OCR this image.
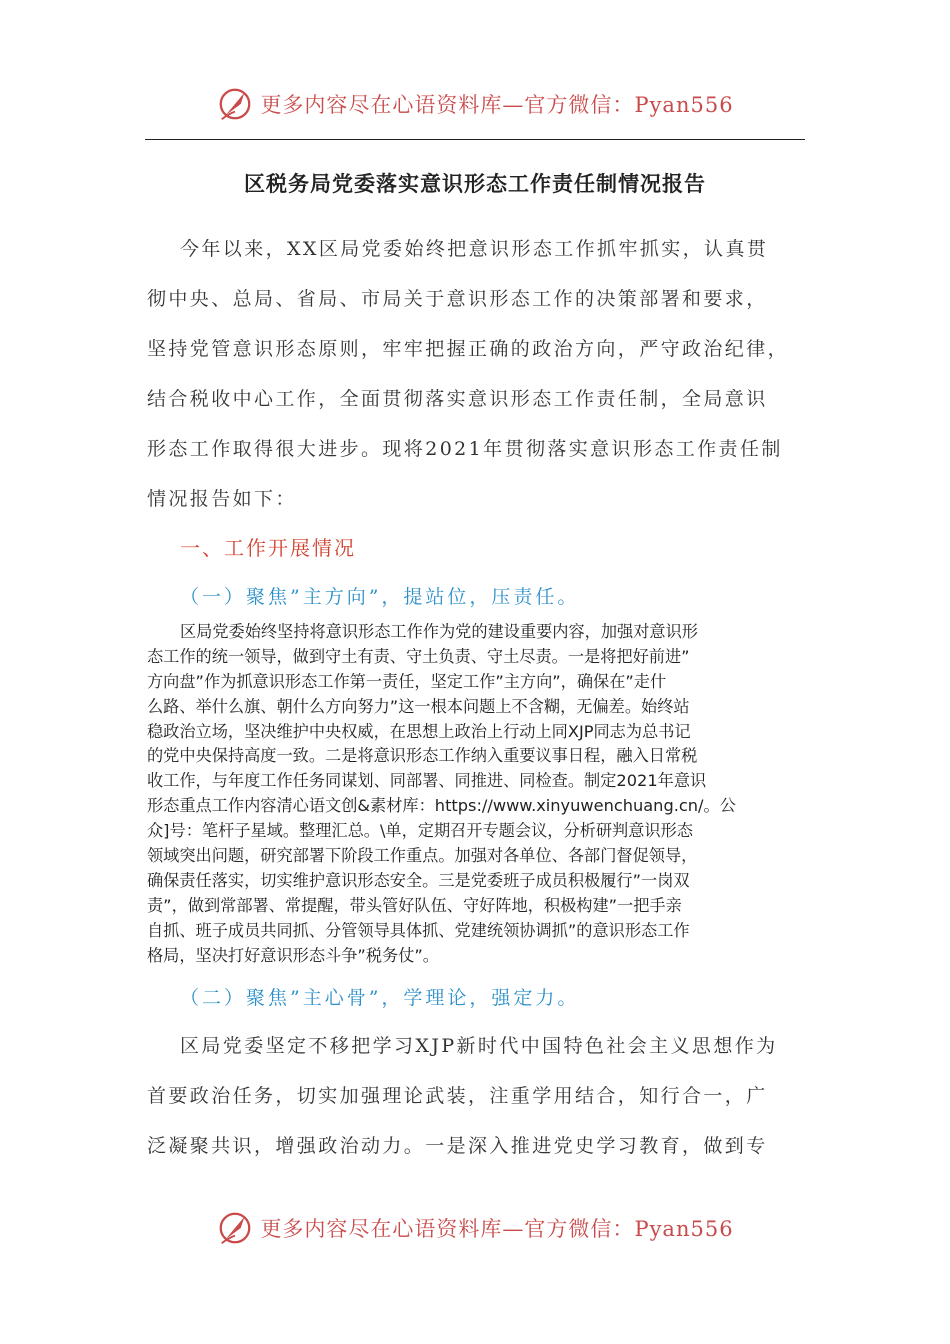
更多内容尽在心语资料库—官方微信：Pyan556
区税务局党委落实意识形态工作责任制情况报告
今年以来，XX区局党委始终把意识形态工作抓牢抓实，认真贯
彻中央、总局、省局、市局关于意识形态工作的决策部署和要求，
坚持党管意识形态原则，牢牢把握正确的政治方向，严守政治纪律，
结合税收中心工作，全面贯彻落实意识形态工作责任制，全局意识
形态工作取得很大进步。现将2021年贯彻落实意识形态工作责任制
情况报告如下：
一、工作开展情况
（一）聚焦”主方向”，提站位，压责任。
区局党委始终坚持将意识形态工作作为党的建设重要内容，加强对意识形
态工作的统一领导，做到守土有责、守土负责、守土尽责。一是将把好前进”
方向盘”作为抓意识形态工作第一责任，坚定工作”主方向”，确保在”走什
么路、举什么旗、朝什么方向努力”这一根本问题上不含糊，无偏差。始终站
稳政治立场，坚决维护中央权威，在思想上政治上行动上同XJP同志为总书记
的党中央保持高度一致。二是将意识形态工作纳入重要议事日程，融入日常税
收工作，与年度工作任务同谋划、同部署、同推进、同检查。制定2021年意识
形态重点工作内容清心语文创&素材库：https://www.xinyuwenchuang.cn/。公
众]号：笔杆子星域。整理汇总。\单，定期召开专题会议，分析研判意识形态
领域突出问题，研究部署下阶段工作重点。加强对各单位、各部门督促领导，
确保责任落实，切实维护意识形态安全。三是党委班子成员积极履行”一岗双
责”，做到常部署、常提醒，带头管好队伍、守好阵地，积极构建”一把手亲
自抓、班子成员共同抓、分管领导具体抓、党建统领协调抓”的意识形态工作
格局，坚决打好意识形态斗争”税务仗”。
（二）聚焦”主心骨”，学理论，强定力。
区局党委坚定不移把学习XJP新时代中国特色社会主义思想作为
首要政治任务，切实加强理论武装，注重学用结合，知行合一，广
泛凝聚共识，增强政治动力。一是深入推进党史学习教育，做到专
更多内容尽在心语资料库—官方微信：Pyan556
